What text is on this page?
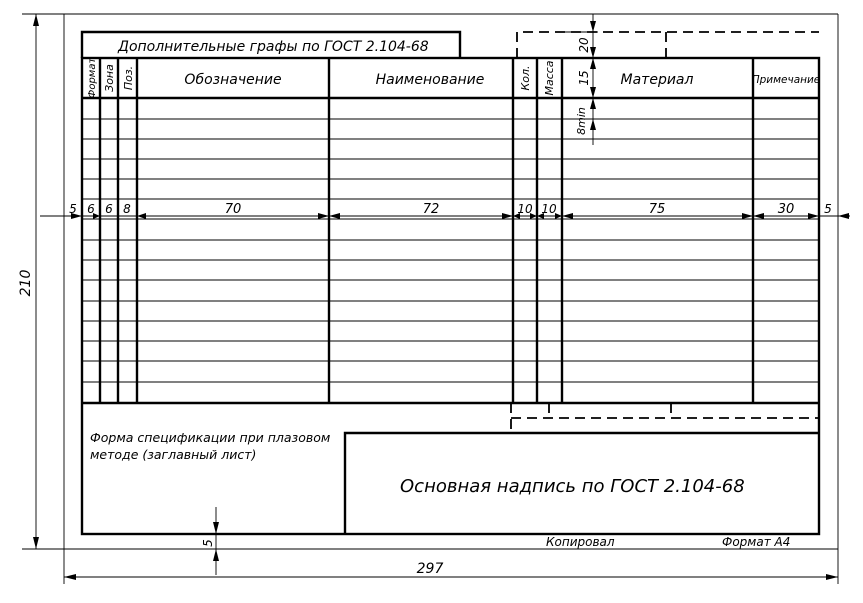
Дополнительные графы по ГОСТ 2.104-68
Формат Зона Поз.	Обозначение	Наименование	Кол. Масса	Материал	Примечание
20
15
8min
5 6 6 8	70	72	10 10	75	30 5
210
297
5
Форма спецификации при плазовом
методе (заглавный лист)
Основная надпись по ГОСТ 2.104-68
Копировал	Формат А4
